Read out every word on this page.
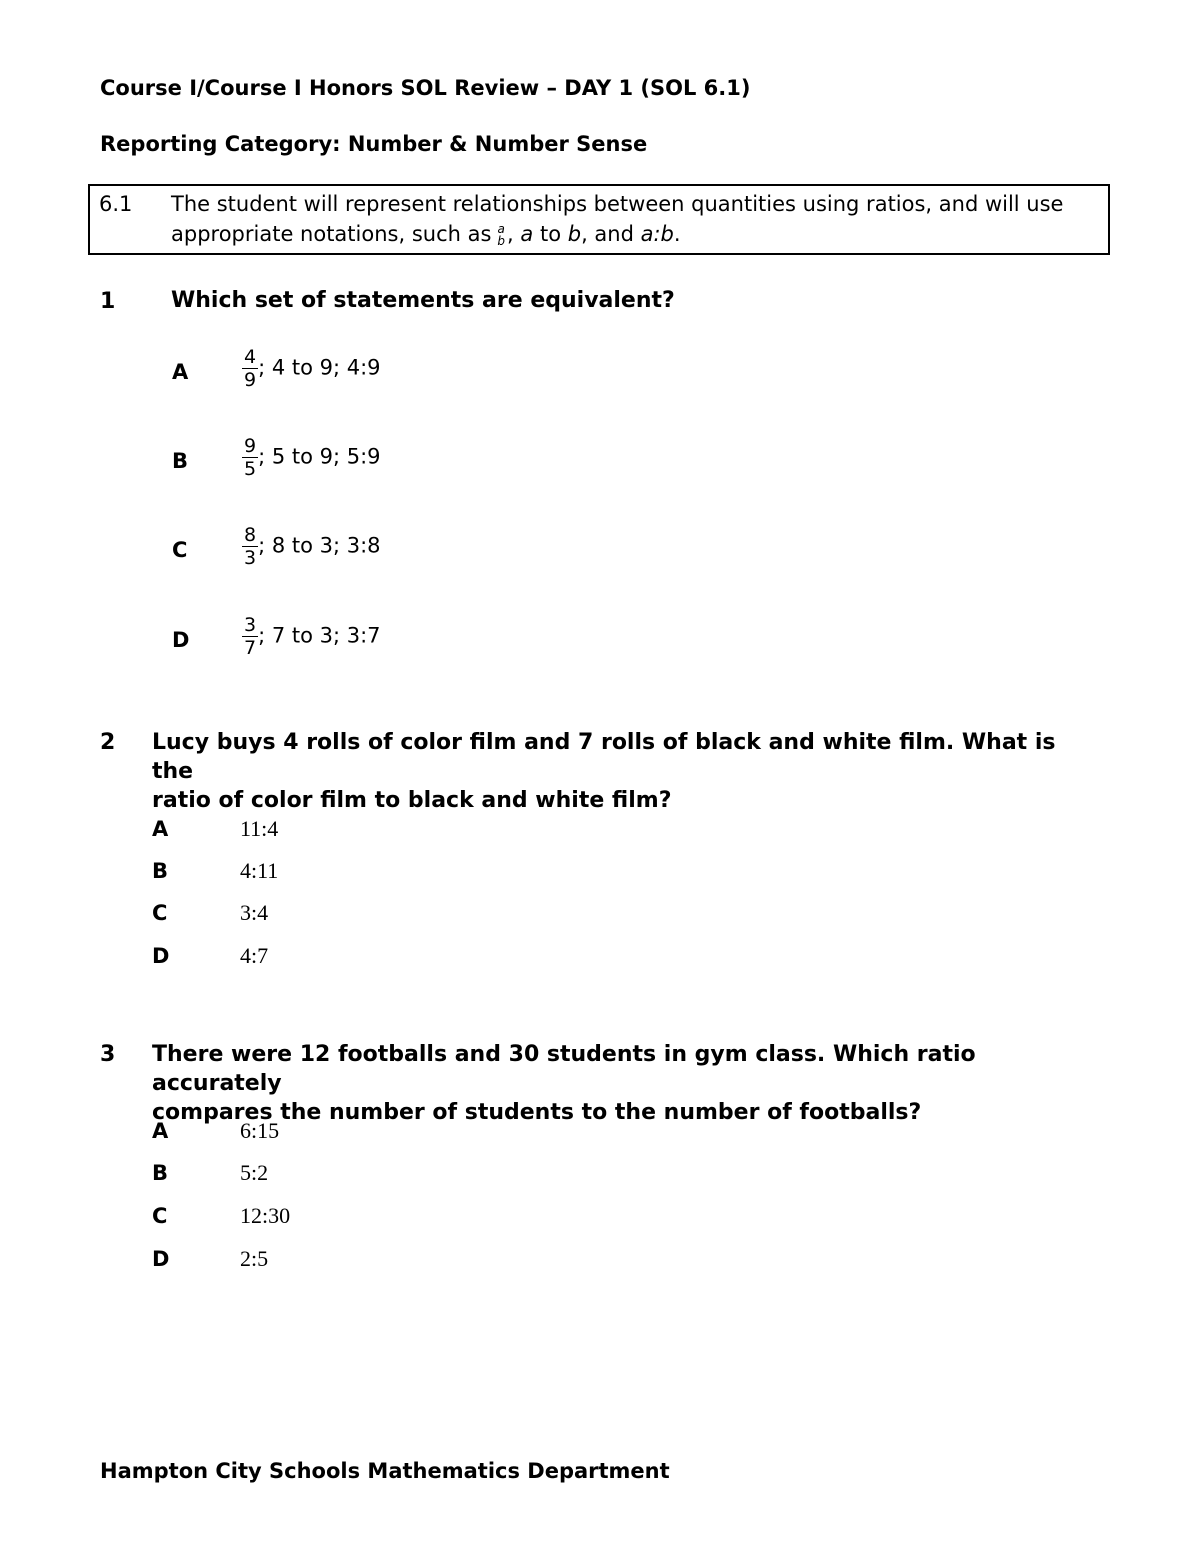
Course I/Course I Honors SOL Review – DAY 1 (SOL 6.1)
Reporting Category: Number & Number Sense
6.1 The student will represent relationships between quantities using ratios, and will use
appropriate notations, such as a
b , a to b, and a:b.
1	Which set of statements are equivalent?
A	$\frac{4}{9}$ ; 4 to 9; 4:9
B	$\frac{9}{5}$ ; 5 to 9; 5:9
C	$\frac{8}{3}$ ; 8 to 3; 3:8
D	$\frac{3}{7}$ ; 7 to 3; 3:7
2 Lucy buys 4 rolls of color film and 7 rolls of black and white film. What is the
ratio of color film to black and white film?
A	11:4
B	4:11
C	3:4
D	4:7
3 There were 12 footballs and 30 students in gym class. Which ratio accurately
compares the number of students to the number of footballs?
A	6:15
B	5:2
C	12:30
D	2:5
Hampton City Schools Mathematics Department
